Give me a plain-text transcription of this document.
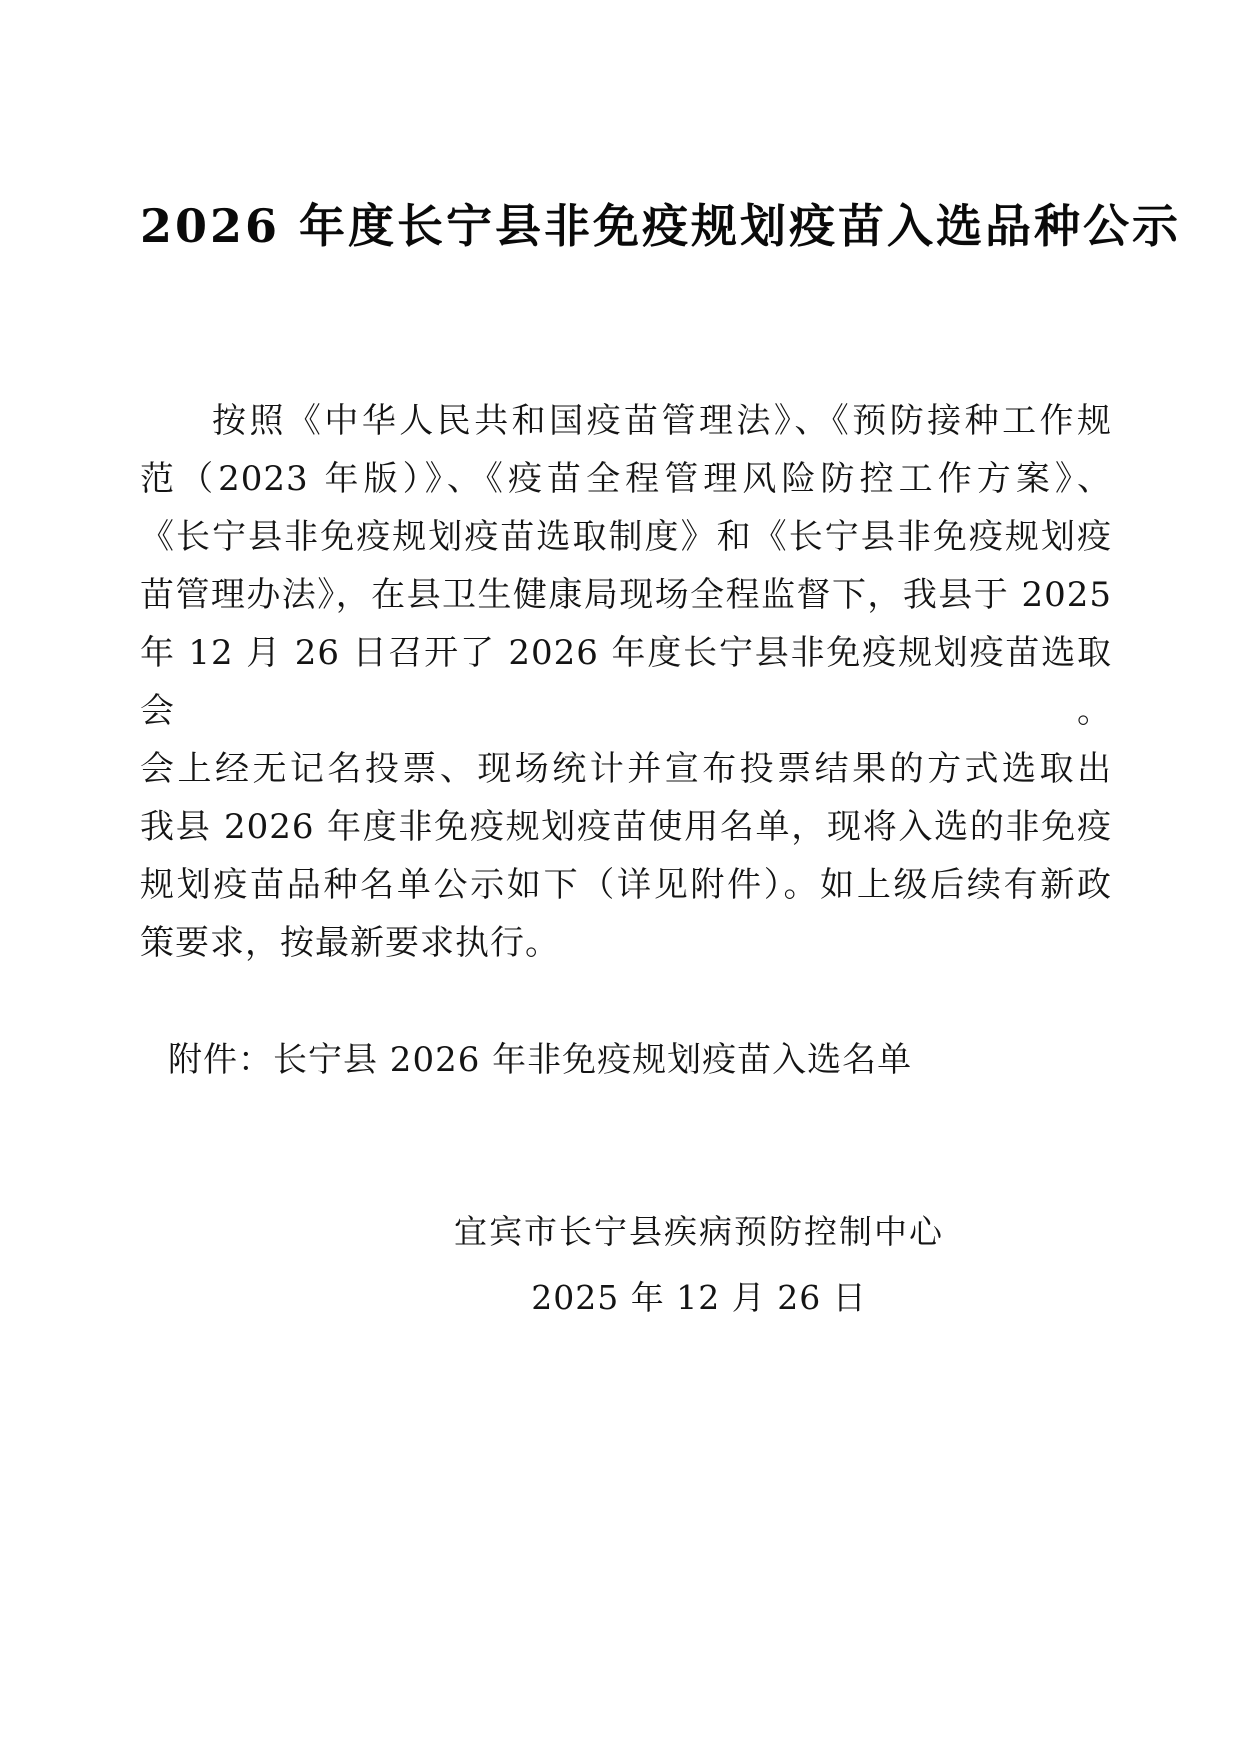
2026 年度长宁县非免疫规划疫苗入选品种公示
按照《中华人民共和国疫苗管理法》、《预防接种工作规
范（2023 年版）》、《疫苗全程管理风险防控工作方案》、
《长宁县非免疫规划疫苗选取制度》和《长宁县非免疫规划疫
苗管理办法》，在县卫生健康局现场全程监督下，我县于 2025
年 12 月 26 日召开了 2026 年度长宁县非免疫规划疫苗选取会。
会上经无记名投票、现场统计并宣布投票结果的方式选取出
我县 2026 年度非免疫规划疫苗使用名单，现将入选的非免疫
规划疫苗品种名单公示如下（详见附件）。如上级后续有新政
策要求，按最新要求执行。
附件：长宁县 2026 年非免疫规划疫苗入选名单
宜宾市长宁县疾病预防控制中心
2025 年 12 月 26 日
